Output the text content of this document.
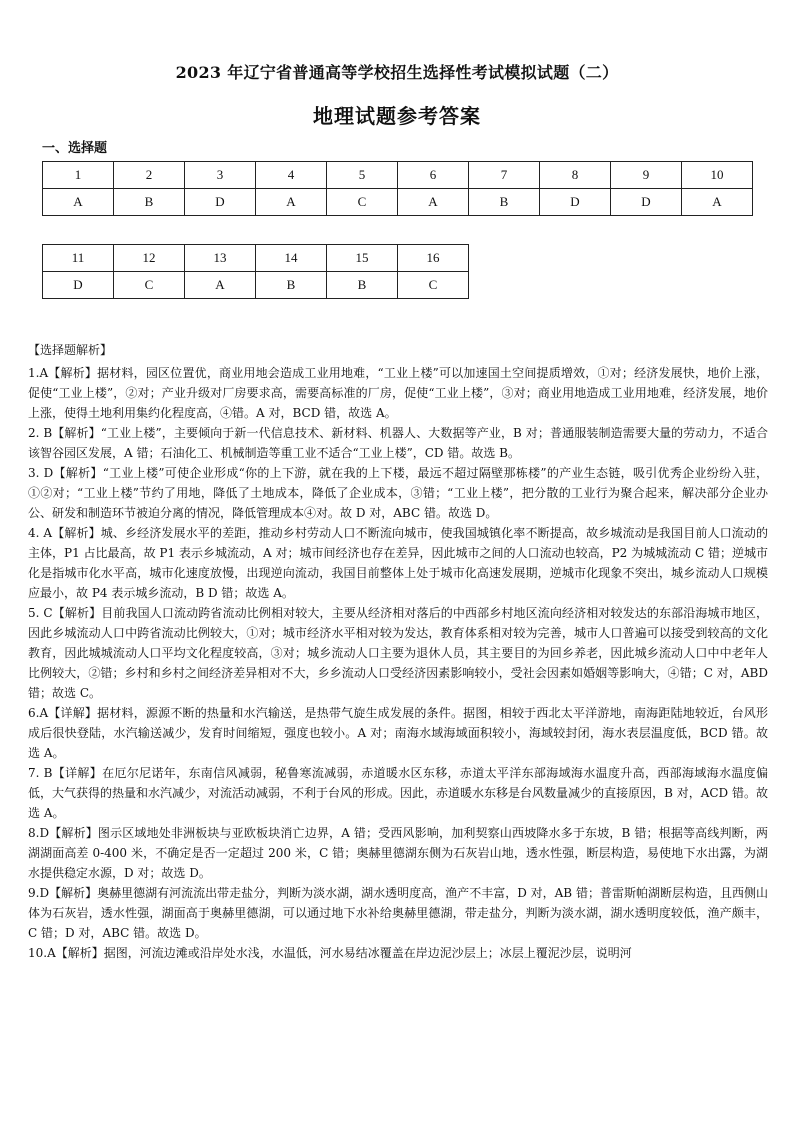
2023 年辽宁省普通高等学校招生选择性考试模拟试题（二）
地理试题参考答案
一、选择题
1	2	3	4	5	6	7	8	9	10
A	B	D	A	C	A	B	D	D	A
11	12	13	14	15	16
D	C	A	B	B	C

【选择题解析】

1.A【解析】据材料，园区位置优，商业用地会造成工业用地难，“工业上楼”可以加速国土空间提质增效，①对；经济发展快，地价上涨，促使“工业上楼”，②对；产业升级对厂房要求高，需要高标准的厂房，促使“工业上楼”，③对；商业用地造成工业用地难，经济发展，地价上涨，使得土地利用集约化程度高，④错。A 对，BCD 错，故选 A。

2. B【解析】“工业上楼”，主要倾向于新一代信息技术、新材料、机器人、大数据等产业，B 对；普通服装制造需要大量的劳动力，不适合该智谷园区发展，A 错；石油化工、机械制造等重工业不适合“工业上楼”，CD 错。故选 B。

3. D【解析】“工业上楼”可使企业形成“你的上下游，就在我的上下楼，最远不超过隔壁那栋楼”的产业生态链，吸引优秀企业纷纷入驻，①②对；“工业上楼”节约了用地，降低了土地成本，降低了企业成本，③错；“工业上楼”，把分散的工业行为聚合起来，解决部分企业办公、研发和制造环节被迫分离的情况，降低管理成本④对。故 D 对，ABC 错。故选 D。

4. A【解析】城、乡经济发展水平的差距，推动乡村劳动人口不断流向城市，使我国城镇化率不断提高，故乡城流动是我国目前人口流动的主体，P1 占比最高，故 P1 表示乡城流动，A 对；城市间经济也存在差异，因此城市之间的人口流动也较高，P2 为城城流动 C 错；逆城市化是指城市化水平高，城市化速度放慢，出现逆向流动，我国目前整体上处于城市化高速发展期，逆城市化现象不突出，城乡流动人口规模应最小，故 P4 表示城乡流动，B D 错；故选 A。

5. C【解析】目前我国人口流动跨省流动比例相对较大，主要从经济相对落后的中西部乡村地区流向经济相对较发达的东部沿海城市地区，因此乡城流动人口中跨省流动比例较大，①对；城市经济水平相对较为发达，教育体系相对较为完善，城市人口普遍可以接受到较高的文化教育，因此城城流动人口平均文化程度较高，③对；城乡流动人口主要为退休人员，其主要目的为回乡养老，因此城乡流动人口中中老年人比例较大，②错；乡村和乡村之间经济差异相对不大，乡乡流动人口受经济因素影响较小，受社会因素如婚姻等影响大，④错；C 对，ABD 错；故选 C。

6.A【详解】据材料，源源不断的热量和水汽输送，是热带气旋生成发展的条件。据图，相较于西北太平洋游地，南海距陆地较近，台风形成后很快登陆，水汽输送减少，发育时间缩短，强度也较小。A 对；南海水域海域面积较小，海域较封闭，海水表层温度低，BCD 错。故选 A。

7. B【详解】在厄尔尼诺年，东南信风减弱，秘鲁寒流减弱，赤道暖水区东移，赤道太平洋东部海域海水温度升高，西部海域海水温度偏低，大气获得的热量和水汽减少，对流活动减弱，不利于台风的形成。因此，赤道暖水东移是台风数量减少的直接原因，B 对，ACD 错。故选 A。

8.D【解析】图示区域地处非洲板块与亚欧板块消亡边界，A 错；受西风影响，加利契察山西坡降水多于东坡，B 错；根据等高线判断，两湖湖面高差 0-400 米，不确定是否一定超过 200 米，C 错；奥赫里德湖东侧为石灰岩山地，透水性强，断层构造，易使地下水出露，为湖水提供稳定水源，D 对；故选 D。

9.D【解析】奥赫里德湖有河流流出带走盐分，判断为淡水湖，湖水透明度高，渔产不丰富，D 对，AB 错；普雷斯帕湖断层构造，且西侧山体为石灰岩，透水性强，湖面高于奥赫里德湖，可以通过地下水补给奥赫里德湖，带走盐分，判断为淡水湖，湖水透明度较低，渔产颇丰，C 错；D 对，ABC 错。故选 D。

10.A【解析】据图，河流边滩或沿岸处水浅，水温低，河水易结冰覆盖在岸边泥沙层上；冰层上覆泥沙层，说明河
